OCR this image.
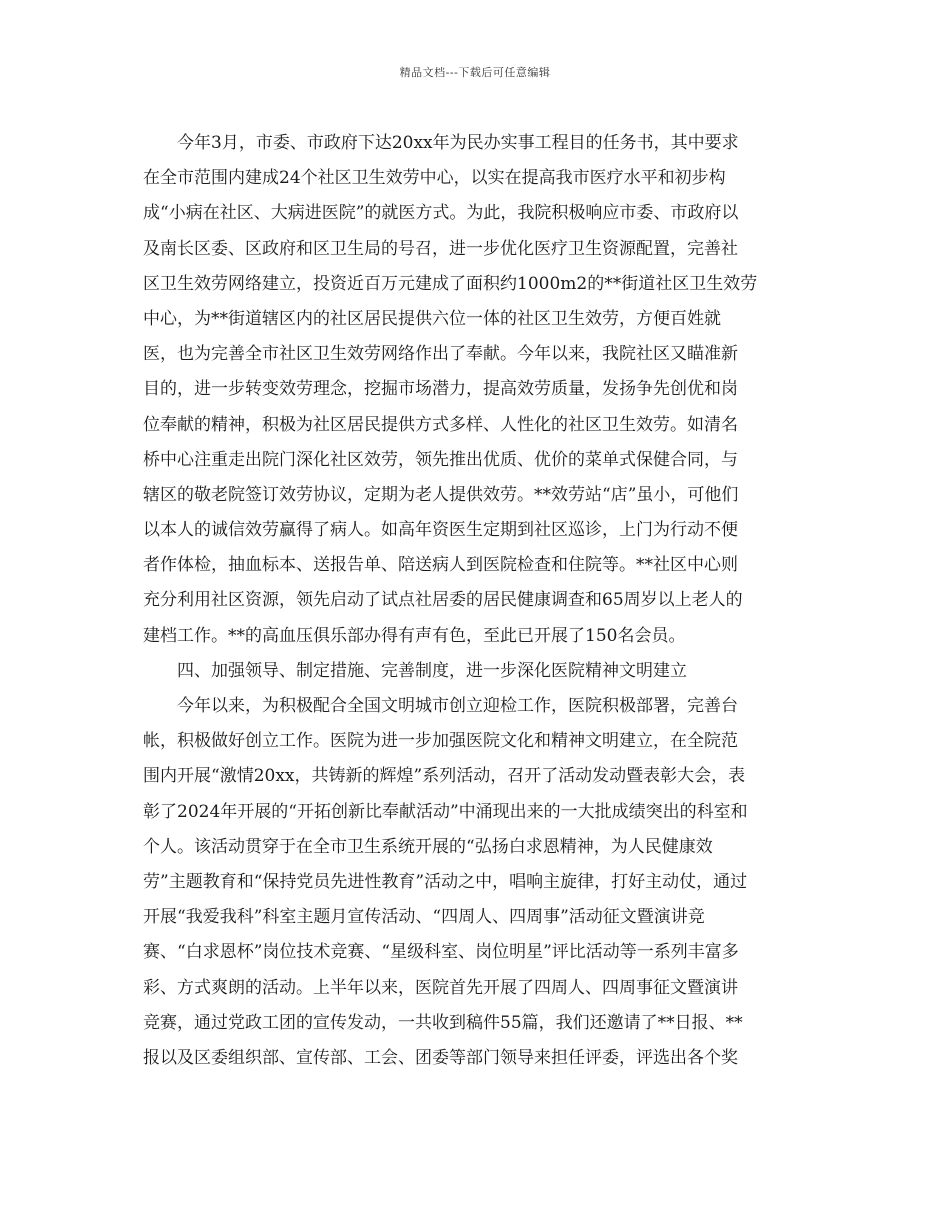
精品文档---下载后可任意编辑
今年3月，市委、市政府下达20xx年为民办实事工程目的任务书，其中要求
在全市范围内建成24个社区卫生效劳中心，以实在提高我市医疗水平和初步构
成“小病在社区、大病进医院”的就医方式。为此，我院积极响应市委、市政府以
及南长区委、区政府和区卫生局的号召，进一步优化医疗卫生资源配置，完善社
区卫生效劳网络建立，投资近百万元建成了面积约1000m2的**街道社区卫生效劳
中心，为**街道辖区内的社区居民提供六位一体的社区卫生效劳，方便百姓就
医，也为完善全市社区卫生效劳网络作出了奉献。今年以来，我院社区又瞄准新
目的，进一步转变效劳理念，挖掘市场潜力，提高效劳质量，发扬争先创优和岗
位奉献的精神，积极为社区居民提供方式多样、人性化的社区卫生效劳。如清名
桥中心注重走出院门深化社区效劳，领先推出优质、优价的菜单式保健合同，与
辖区的敬老院签订效劳协议，定期为老人提供效劳。**效劳站“店”虽小，可他们
以本人的诚信效劳赢得了病人。如高年资医生定期到社区巡诊，上门为行动不便
者作体检，抽血标本、送报告单、陪送病人到医院检查和住院等。**社区中心则
充分利用社区资源，领先启动了试点社居委的居民健康调查和65周岁以上老人的
建档工作。**的高血压俱乐部办得有声有色，至此已开展了150名会员。
四、加强领导、制定措施、完善制度，进一步深化医院精神文明建立
今年以来，为积极配合全国文明城市创立迎检工作，医院积极部署，完善台
帐，积极做好创立工作。医院为进一步加强医院文化和精神文明建立，在全院范
围内开展“激情20xx，共铸新的辉煌”系列活动，召开了活动发动暨表彰大会，表
彰了2024年开展的“开拓创新比奉献活动”中涌现出来的一大批成绩突出的科室和
个人。该活动贯穿于在全市卫生系统开展的“弘扬白求恩精神，为人民健康效
劳”主题教育和“保持党员先进性教育”活动之中，唱响主旋律，打好主动仗，通过
开展“我爱我科”科室主题月宣传活动、“四周人、四周事”活动征文暨演讲竞
赛、“白求恩杯”岗位技术竞赛、“星级科室、岗位明星”评比活动等一系列丰富多
彩、方式爽朗的活动。上半年以来，医院首先开展了四周人、四周事征文暨演讲
竞赛，通过党政工团的宣传发动，一共收到稿件55篇，我们还邀请了**日报、**
报以及区委组织部、宣传部、工会、团委等部门领导来担任评委，评选出各个奖
